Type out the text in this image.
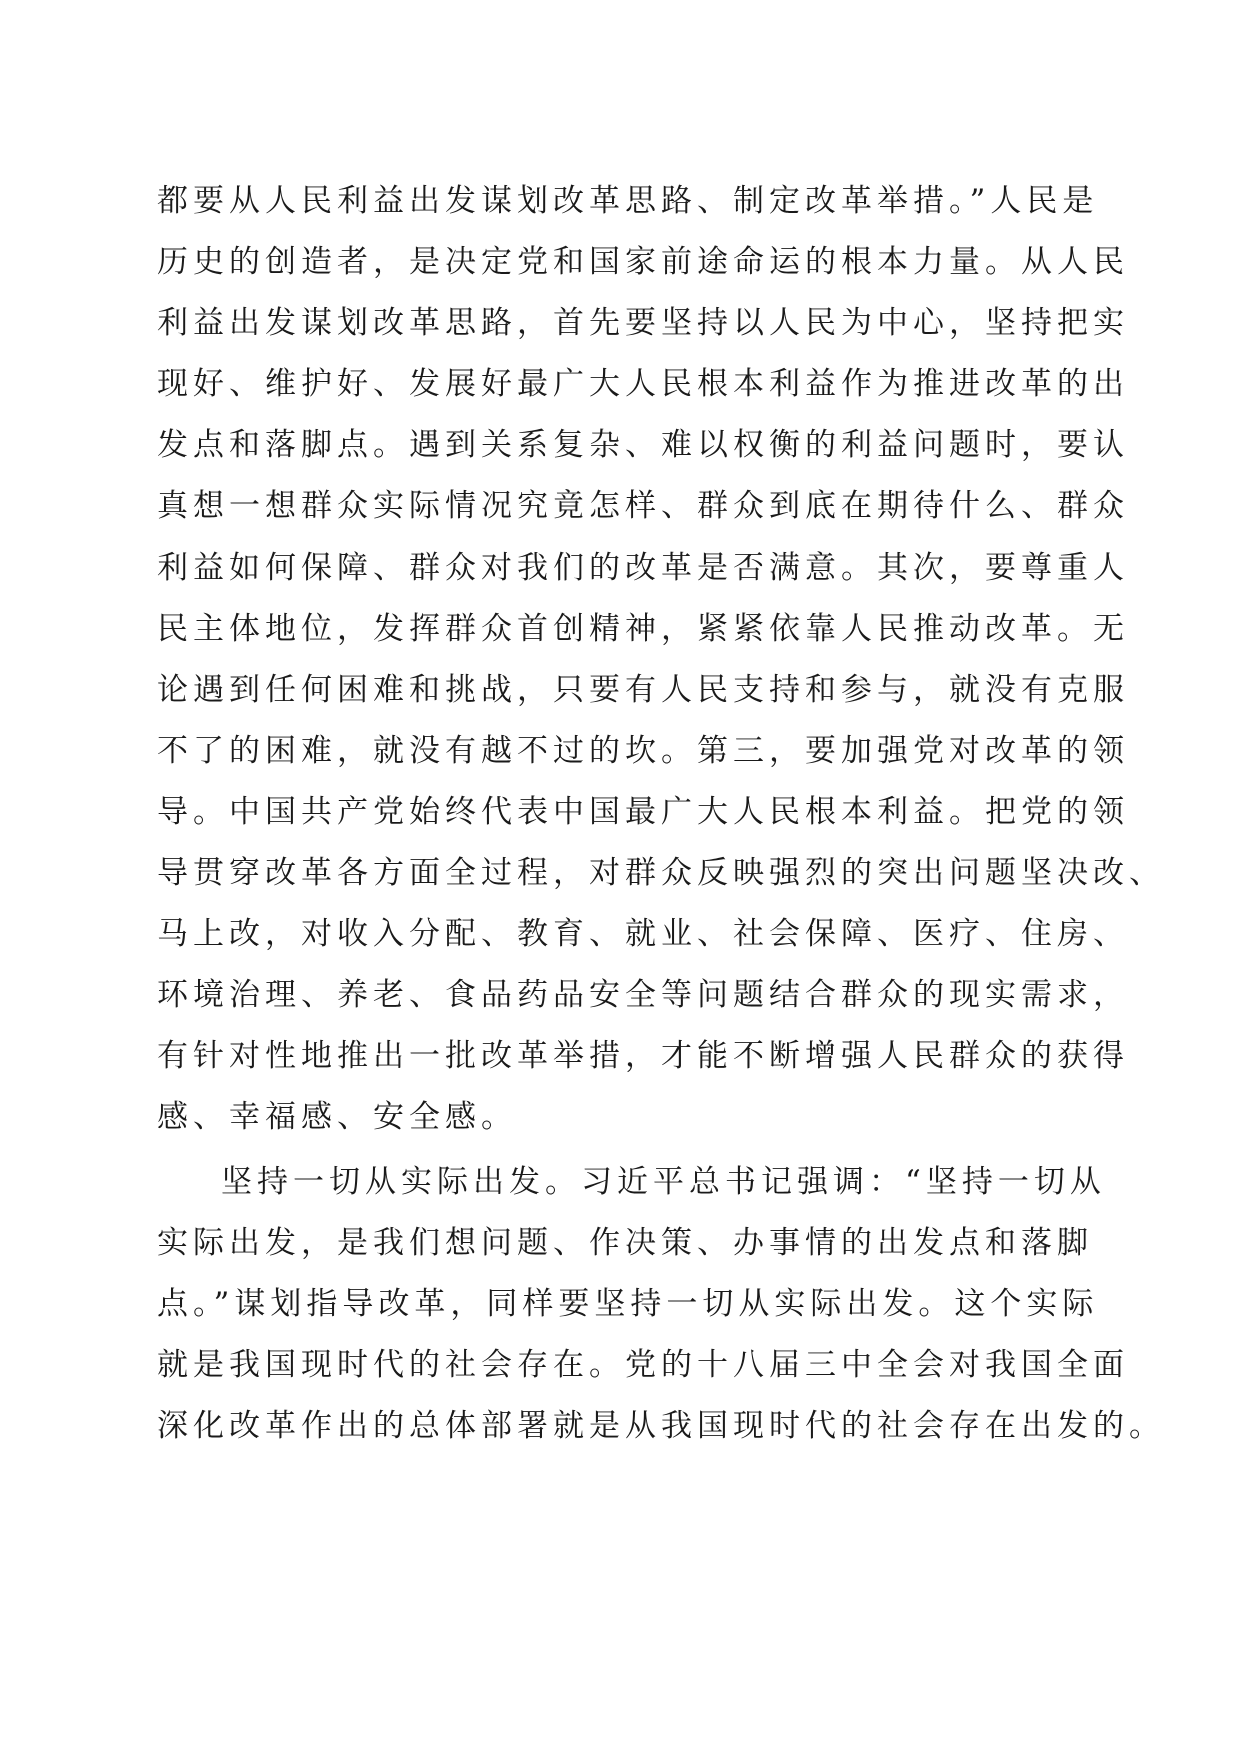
都要从人民利益出发谋划改革思路、制定改革举措。”人民是
历史的创造者，是决定党和国家前途命运的根本力量。从人民
利益出发谋划改革思路，首先要坚持以人民为中心，坚持把实
现好、维护好、发展好最广大人民根本利益作为推进改革的出
发点和落脚点。遇到关系复杂、难以权衡的利益问题时，要认
真想一想群众实际情况究竟怎样、群众到底在期待什么、群众
利益如何保障、群众对我们的改革是否满意。其次，要尊重人
民主体地位，发挥群众首创精神，紧紧依靠人民推动改革。无
论遇到任何困难和挑战，只要有人民支持和参与，就没有克服
不了的困难，就没有越不过的坎。第三，要加强党对改革的领
导。中国共产党始终代表中国最广大人民根本利益。把党的领
导贯穿改革各方面全过程，对群众反映强烈的突出问题坚决改、
马上改，对收入分配、教育、就业、社会保障、医疗、住房、
环境治理、养老、食品药品安全等问题结合群众的现实需求，
有针对性地推出一批改革举措，才能不断增强人民群众的获得
感、幸福感、安全感。
坚持一切从实际出发。习近平总书记强调：“坚持一切从
实际出发，是我们想问题、作决策、办事情的出发点和落脚
点。”谋划指导改革，同样要坚持一切从实际出发。这个实际
就是我国现时代的社会存在。党的十八届三中全会对我国全面
深化改革作出的总体部署就是从我国现时代的社会存在出发的。
